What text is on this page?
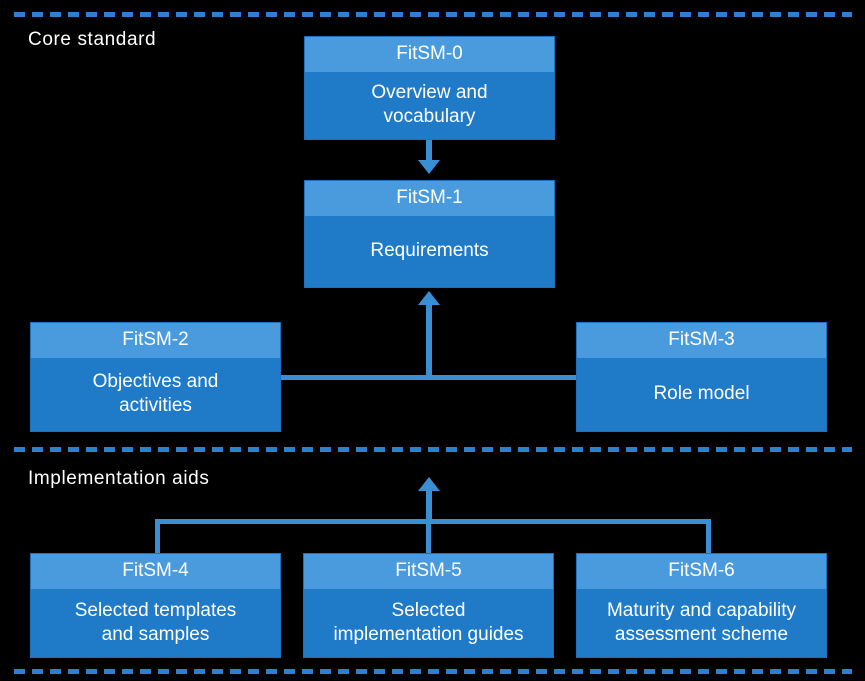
Core standard
Implementation aids
FitSM-0
Overview and
vocabulary
FitSM-1
Requirements
FitSM-2
Objectives and
activities
FitSM-3
Role model
FitSM-4
Selected templates
and samples
FitSM-5
Selected
implementation guides
FitSM-6
Maturity and capability
assessment scheme
